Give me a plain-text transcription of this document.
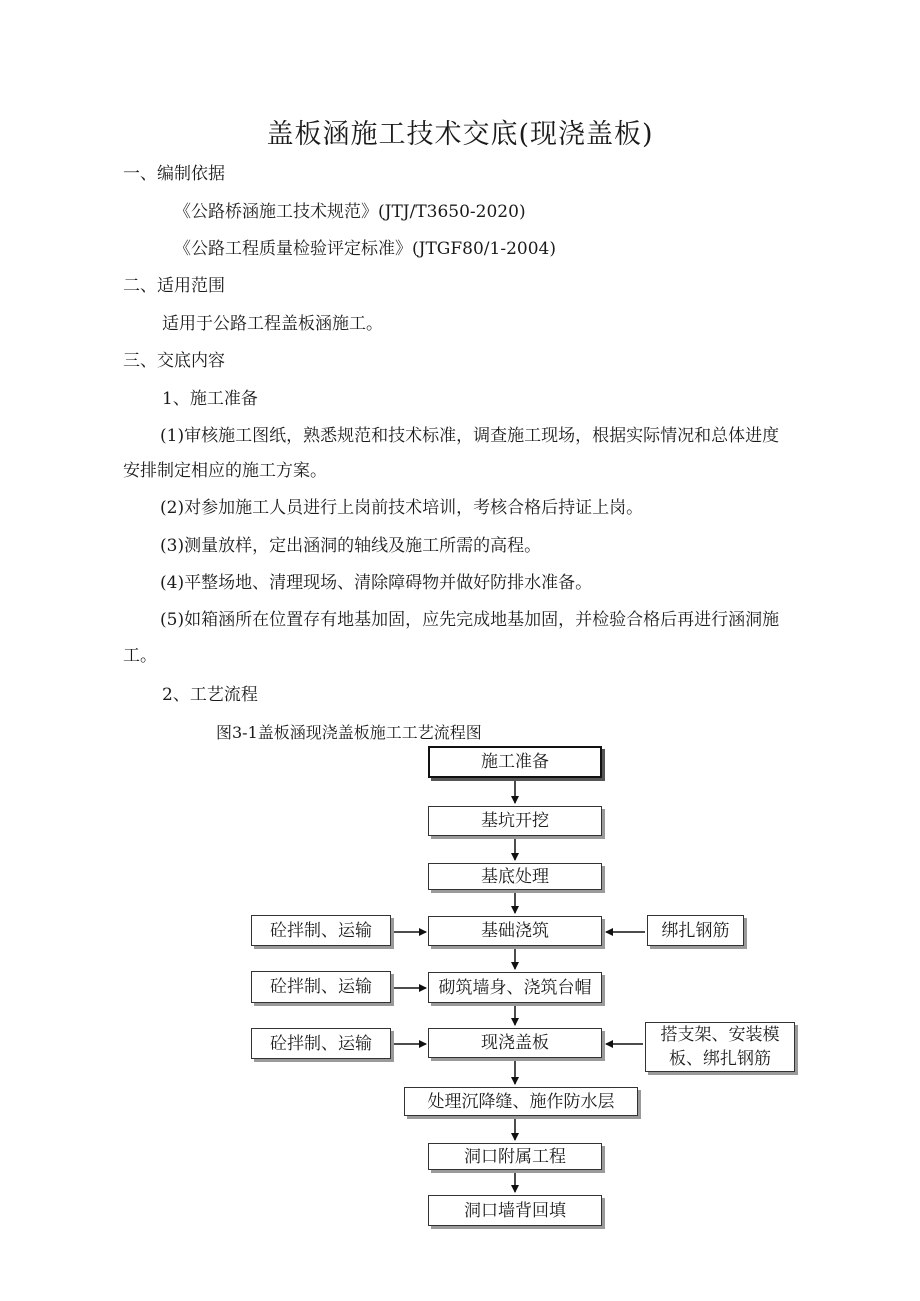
盖板涵施工技术交底(现浇盖板)
一、编制依据
《公路桥涵施工技术规范》(JTJ/T3650-2020)
《公路工程质量检验评定标准》(JTGF80/1-2004)
二、适用范围
适用于公路工程盖板涵施工。
三、交底内容
1、施工准备
(1)审核施工图纸，熟悉规范和技术标准，调查施工现场，根据实际情况和总体进度
安排制定相应的施工方案。
(2)对参加施工人员进行上岗前技术培训，考核合格后持证上岗。
(3)测量放样，定出涵洞的轴线及施工所需的高程。
(4)平整场地、清理现场、清除障碍物并做好防排水准备。
(5)如箱涵所在位置存有地基加固，应先完成地基加固，并检验合格后再进行涵洞施
工。
2、工艺流程
图3-1盖板涵现浇盖板施工工艺流程图
施工准备
基坑开挖
基底处理
基础浇筑
砌筑墙身、浇筑台帽
现浇盖板
处理沉降缝、施作防水层
洞口附属工程
洞口墙背回填
砼拌制、运输
砼拌制、运输
砼拌制、运输
绑扎钢筋
搭支架、安装模板、绑扎钢筋
